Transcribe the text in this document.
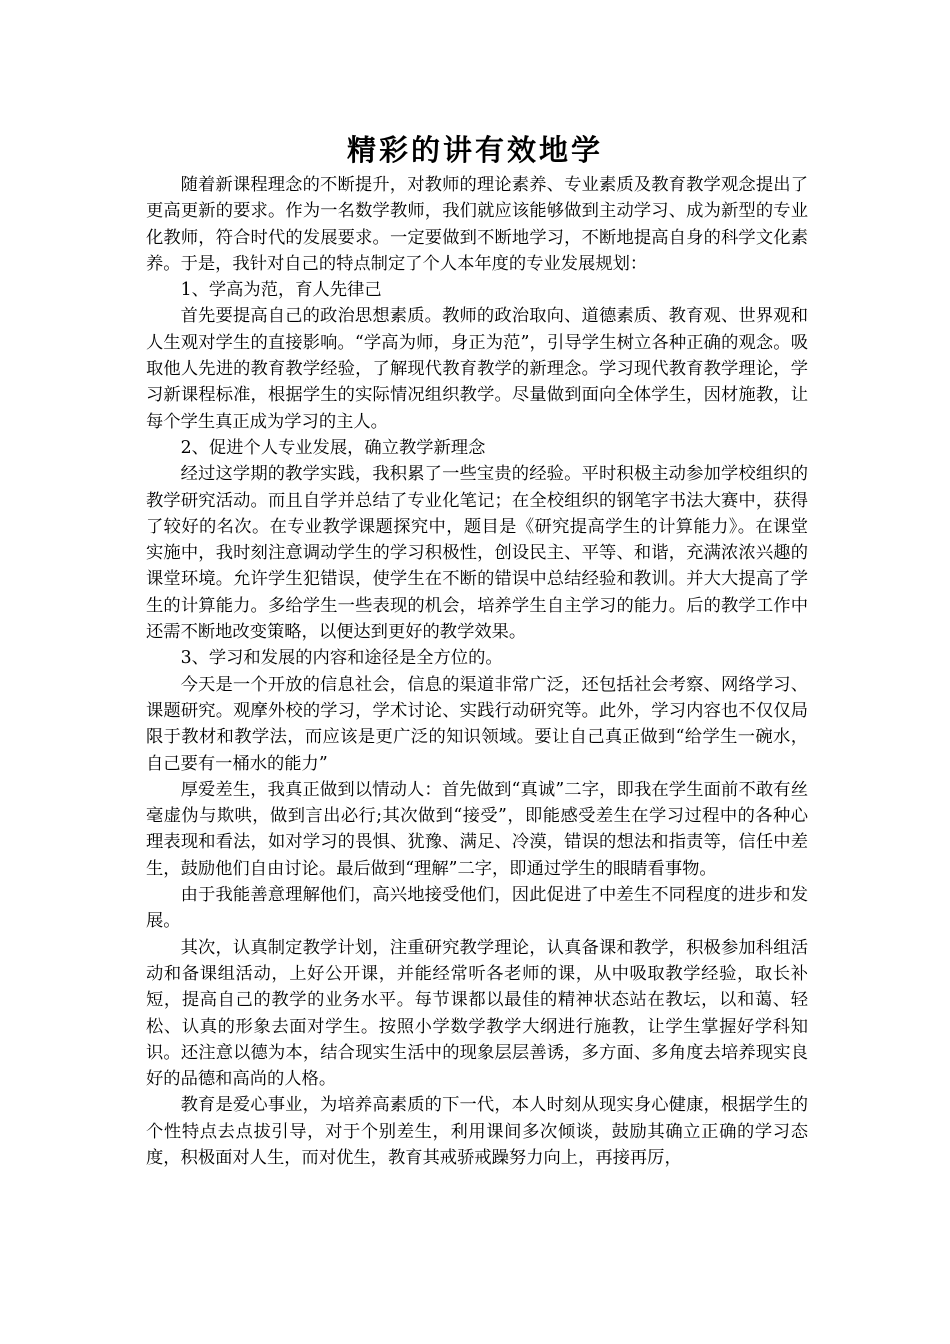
精彩的讲有效地学

随着新课程理念的不断提升，对教师的理论素养、专业素质及教育教学观念提出了更高更新的要求。作为一名数学教师，我们就应该能够做到主动学习、成为新型的专业化教师，符合时代的发展要求。一定要做到不断地学习，不断地提高自身的科学文化素养。于是，我针对自己的特点制定了个人本年度的专业发展规划：

1、学高为范，育人先律己

首先要提高自己的政治思想素质。教师的政治取向、道德素质、教育观、世界观和人生观对学生的直接影响。“学高为师，身正为范”，引导学生树立各种正确的观念。吸取他人先进的教育教学经验，了解现代教育教学的新理念。学习现代教育教学理论，学习新课程标准，根据学生的实际情况组织教学。尽量做到面向全体学生，因材施教，让每个学生真正成为学习的主人。

2、促进个人专业发展，确立教学新理念

经过这学期的教学实践，我积累了一些宝贵的经验。平时积极主动参加学校组织的教学研究活动。而且自学并总结了专业化笔记；在全校组织的钢笔字书法大赛中，获得了较好的名次。在专业教学课题探究中，题目是《研究提高学生的计算能力》。在课堂实施中，我时刻注意调动学生的学习积极性，创设民主、平等、和谐，充满浓浓兴趣的课堂环境。允许学生犯错误，使学生在不断的错误中总结经验和教训。并大大提高了学生的计算能力。多给学生一些表现的机会，培养学生自主学习的能力。后的教学工作中还需不断地改变策略，以便达到更好的教学效果。

3、学习和发展的内容和途径是全方位的。

今天是一个开放的信息社会，信息的渠道非常广泛，还包括社会考察、网络学习、课题研究。观摩外校的学习，学术讨论、实践行动研究等。此外，学习内容也不仅仅局限于教材和教学法，而应该是更广泛的知识领域。要让自己真正做到“给学生一碗水，自己要有一桶水的能力”

厚爱差生，我真正做到以情动人：首先做到“真诚”二字，即我在学生面前不敢有丝毫虚伪与欺哄，做到言出必行;其次做到“接受”，即能感受差生在学习过程中的各种心理表现和看法，如对学习的畏惧、犹豫、满足、冷漠，错误的想法和指责等，信任中差生，鼓励他们自由讨论。最后做到“理解”二字，即通过学生的眼睛看事物。

由于我能善意理解他们，高兴地接受他们，因此促进了中差生不同程度的进步和发展。

其次，认真制定教学计划，注重研究教学理论，认真备课和教学，积极参加科组活动和备课组活动，上好公开课，并能经常听各老师的课，从中吸取教学经验，取长补短，提高自己的教学的业务水平。每节课都以最佳的精神状态站在教坛，以和蔼、轻松、认真的形象去面对学生。按照小学数学教学大纲进行施教，让学生掌握好学科知识。还注意以德为本，结合现实生活中的现象层层善诱，多方面、多角度去培养现实良好的品德和高尚的人格。

教育是爱心事业，为培养高素质的下一代，本人时刻从现实身心健康，根据学生的个性特点去点拔引导，对于个别差生，利用课间多次倾谈，鼓励其确立正确的学习态度，积极面对人生，而对优生，教育其戒骄戒躁努力向上，再接再厉，
